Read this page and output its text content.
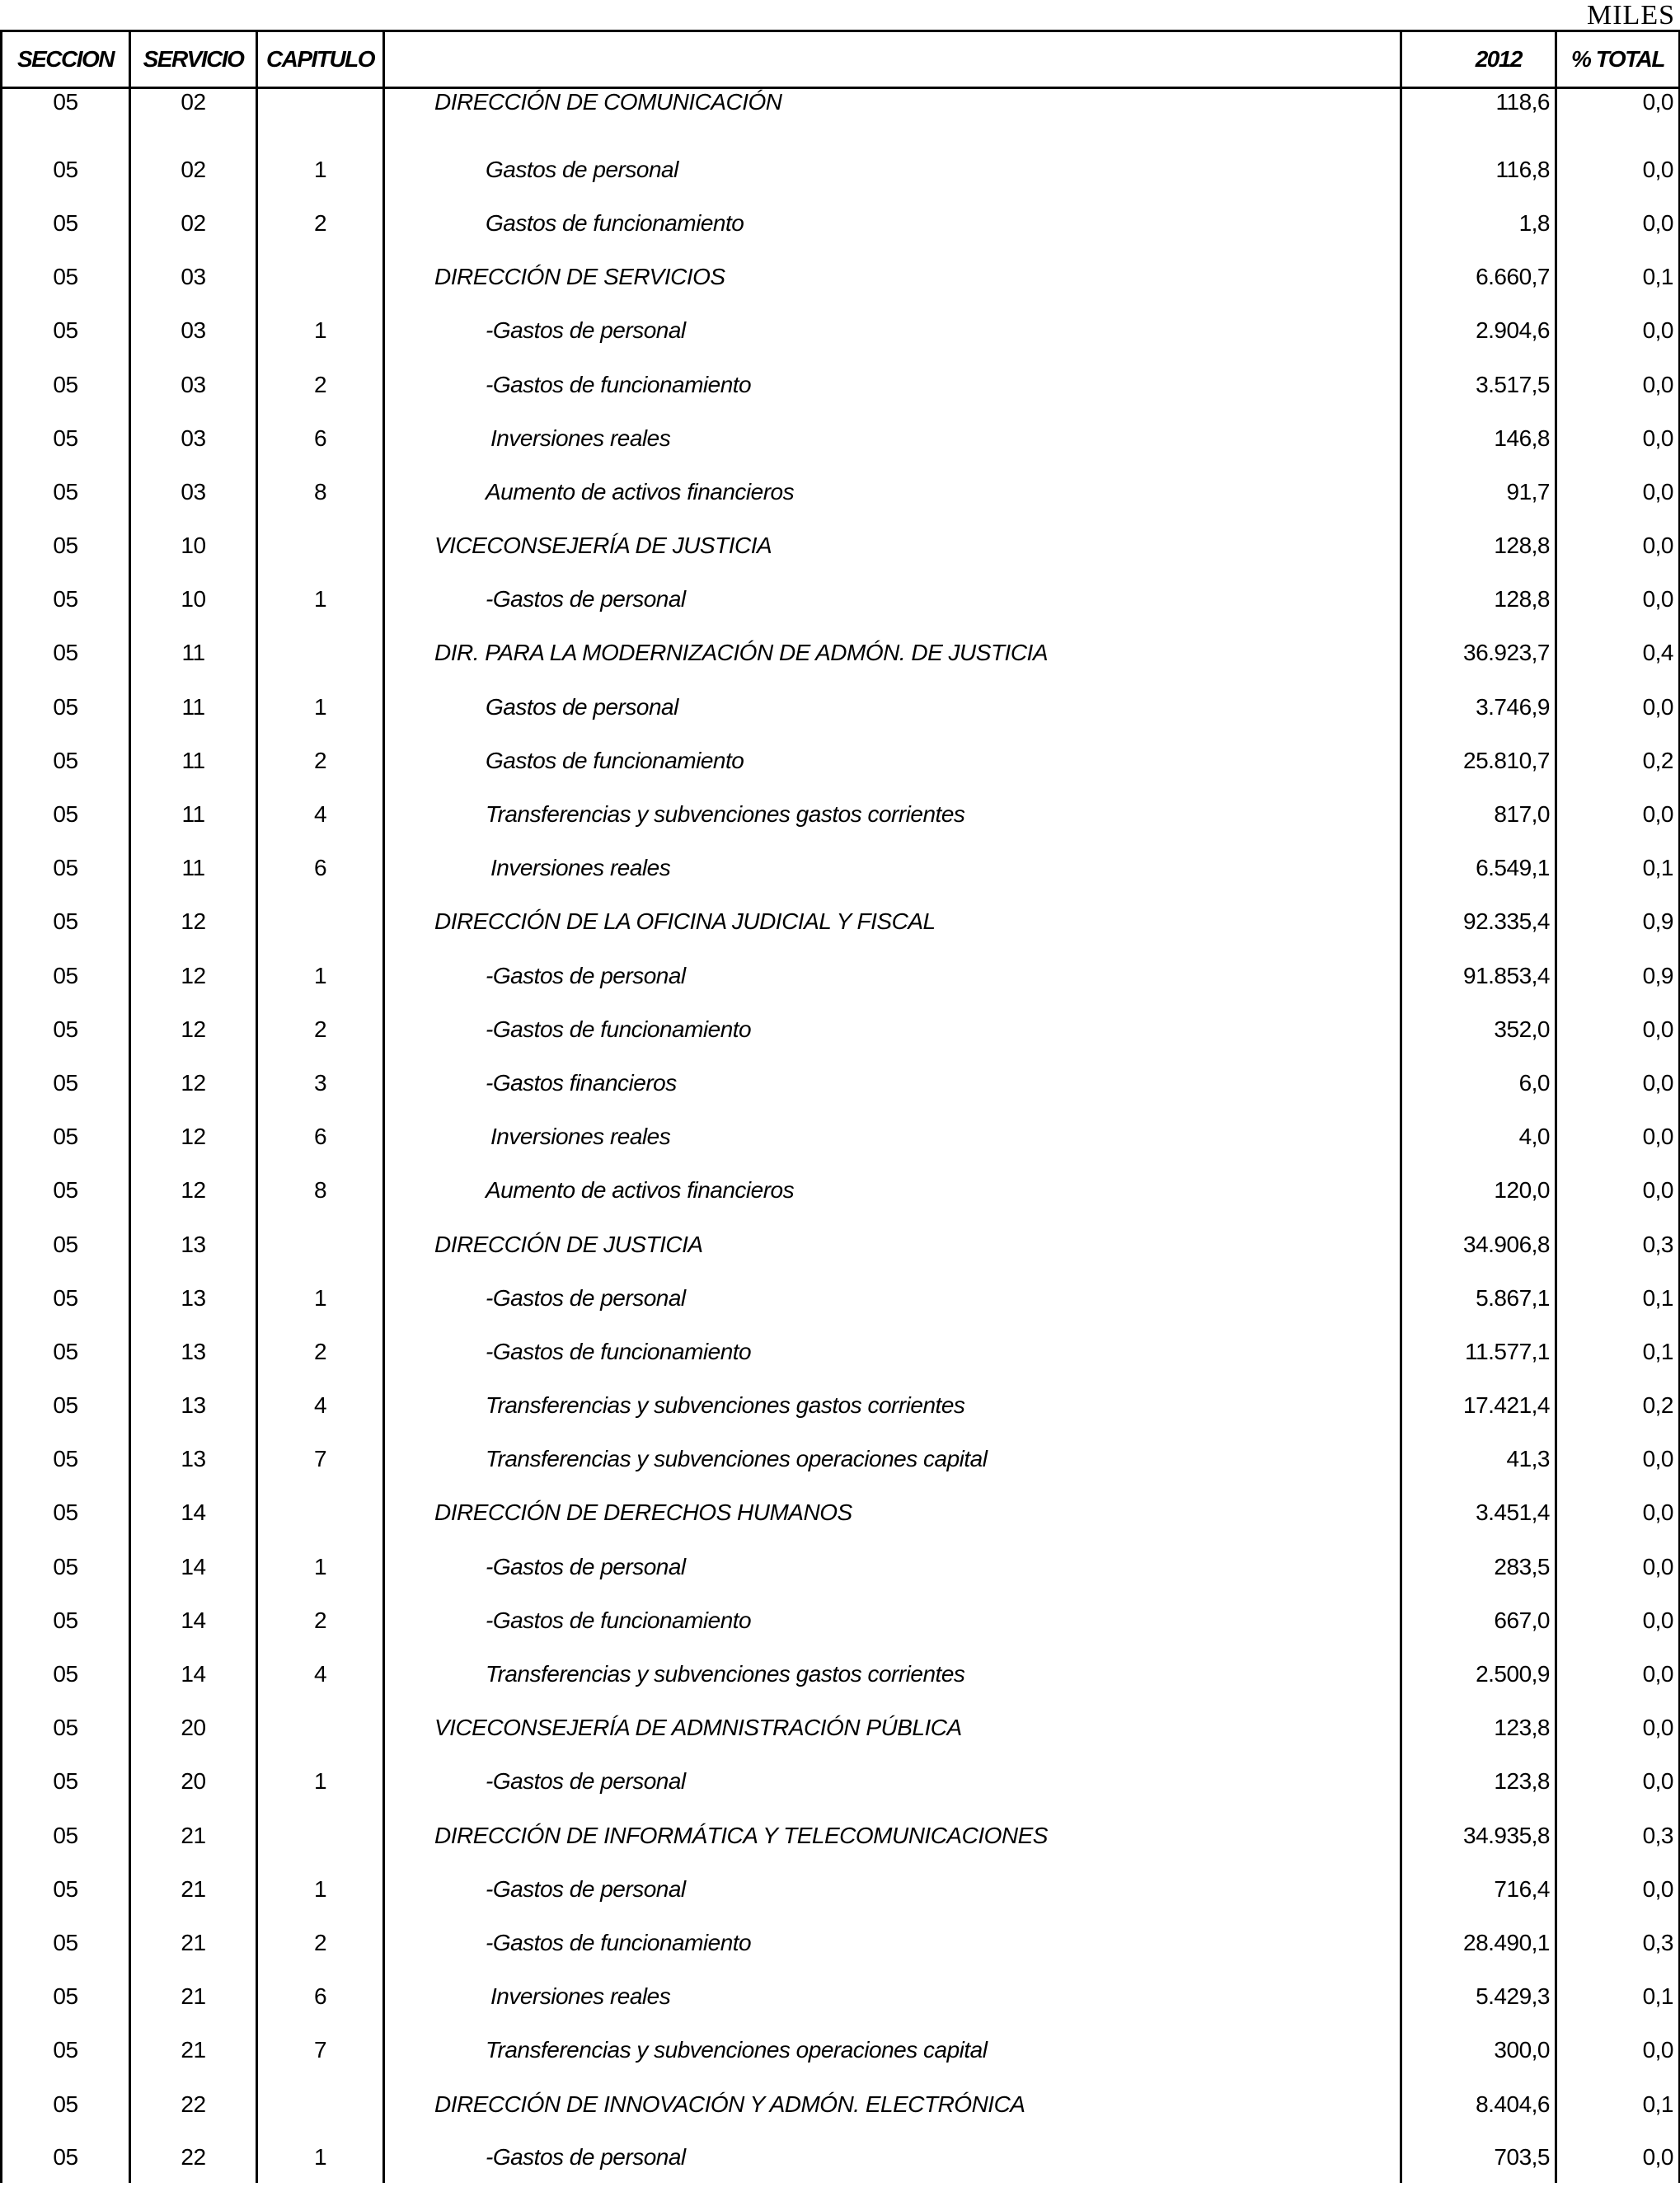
MILES
SECCION	SERVICIO	CAPITULO		2012	% TOTAL
05	02		DIRECCIÓN DE COMUNICACIÓN	118,6	0,0
05	02	1	Gastos de personal	116,8	0,0
05	02	2	Gastos de funcionamiento	1,8	0,0
05	03		DIRECCIÓN DE SERVICIOS	6.660,7	0,1
05	03	1	-Gastos de personal	2.904,6	0,0
05	03	2	-Gastos de funcionamiento	3.517,5	0,0
05	03	6	Inversiones reales	146,8	0,0
05	03	8	Aumento de activos financieros	91,7	0,0
05	10		VICECONSEJERÍA DE JUSTICIA	128,8	0,0
05	10	1	-Gastos de personal	128,8	0,0
05	11		DIR. PARA LA MODERNIZACIÓN DE ADMÓN. DE JUSTICIA	36.923,7	0,4
05	11	1	Gastos de personal	3.746,9	0,0
05	11	2	Gastos de funcionamiento	25.810,7	0,2
05	11	4	Transferencias y subvenciones gastos corrientes	817,0	0,0
05	11	6	Inversiones reales	6.549,1	0,1
05	12		DIRECCIÓN DE LA OFICINA JUDICIAL Y FISCAL	92.335,4	0,9
05	12	1	-Gastos de personal	91.853,4	0,9
05	12	2	-Gastos de funcionamiento	352,0	0,0
05	12	3	-Gastos financieros	6,0	0,0
05	12	6	Inversiones reales	4,0	0,0
05	12	8	Aumento de activos financieros	120,0	0,0
05	13		DIRECCIÓN DE JUSTICIA	34.906,8	0,3
05	13	1	-Gastos de personal	5.867,1	0,1
05	13	2	-Gastos de funcionamiento	11.577,1	0,1
05	13	4	Transferencias y subvenciones gastos corrientes	17.421,4	0,2
05	13	7	Transferencias y subvenciones operaciones capital	41,3	0,0
05	14		DIRECCIÓN DE DERECHOS HUMANOS	3.451,4	0,0
05	14	1	-Gastos de personal	283,5	0,0
05	14	2	-Gastos de funcionamiento	667,0	0,0
05	14	4	Transferencias y subvenciones gastos corrientes	2.500,9	0,0
05	20		VICECONSEJERÍA DE ADMNISTRACIÓN PÚBLICA	123,8	0,0
05	20	1	-Gastos de personal	123,8	0,0
05	21		DIRECCIÓN DE INFORMÁTICA Y TELECOMUNICACIONES	34.935,8	0,3
05	21	1	-Gastos de personal	716,4	0,0
05	21	2	-Gastos de funcionamiento	28.490,1	0,3
05	21	6	Inversiones reales	5.429,3	0,1
05	21	7	Transferencias y subvenciones operaciones capital	300,0	0,0
05	22		DIRECCIÓN DE INNOVACIÓN Y ADMÓN. ELECTRÓNICA	8.404,6	0,1
05	22	1	-Gastos de personal	703,5	0,0
